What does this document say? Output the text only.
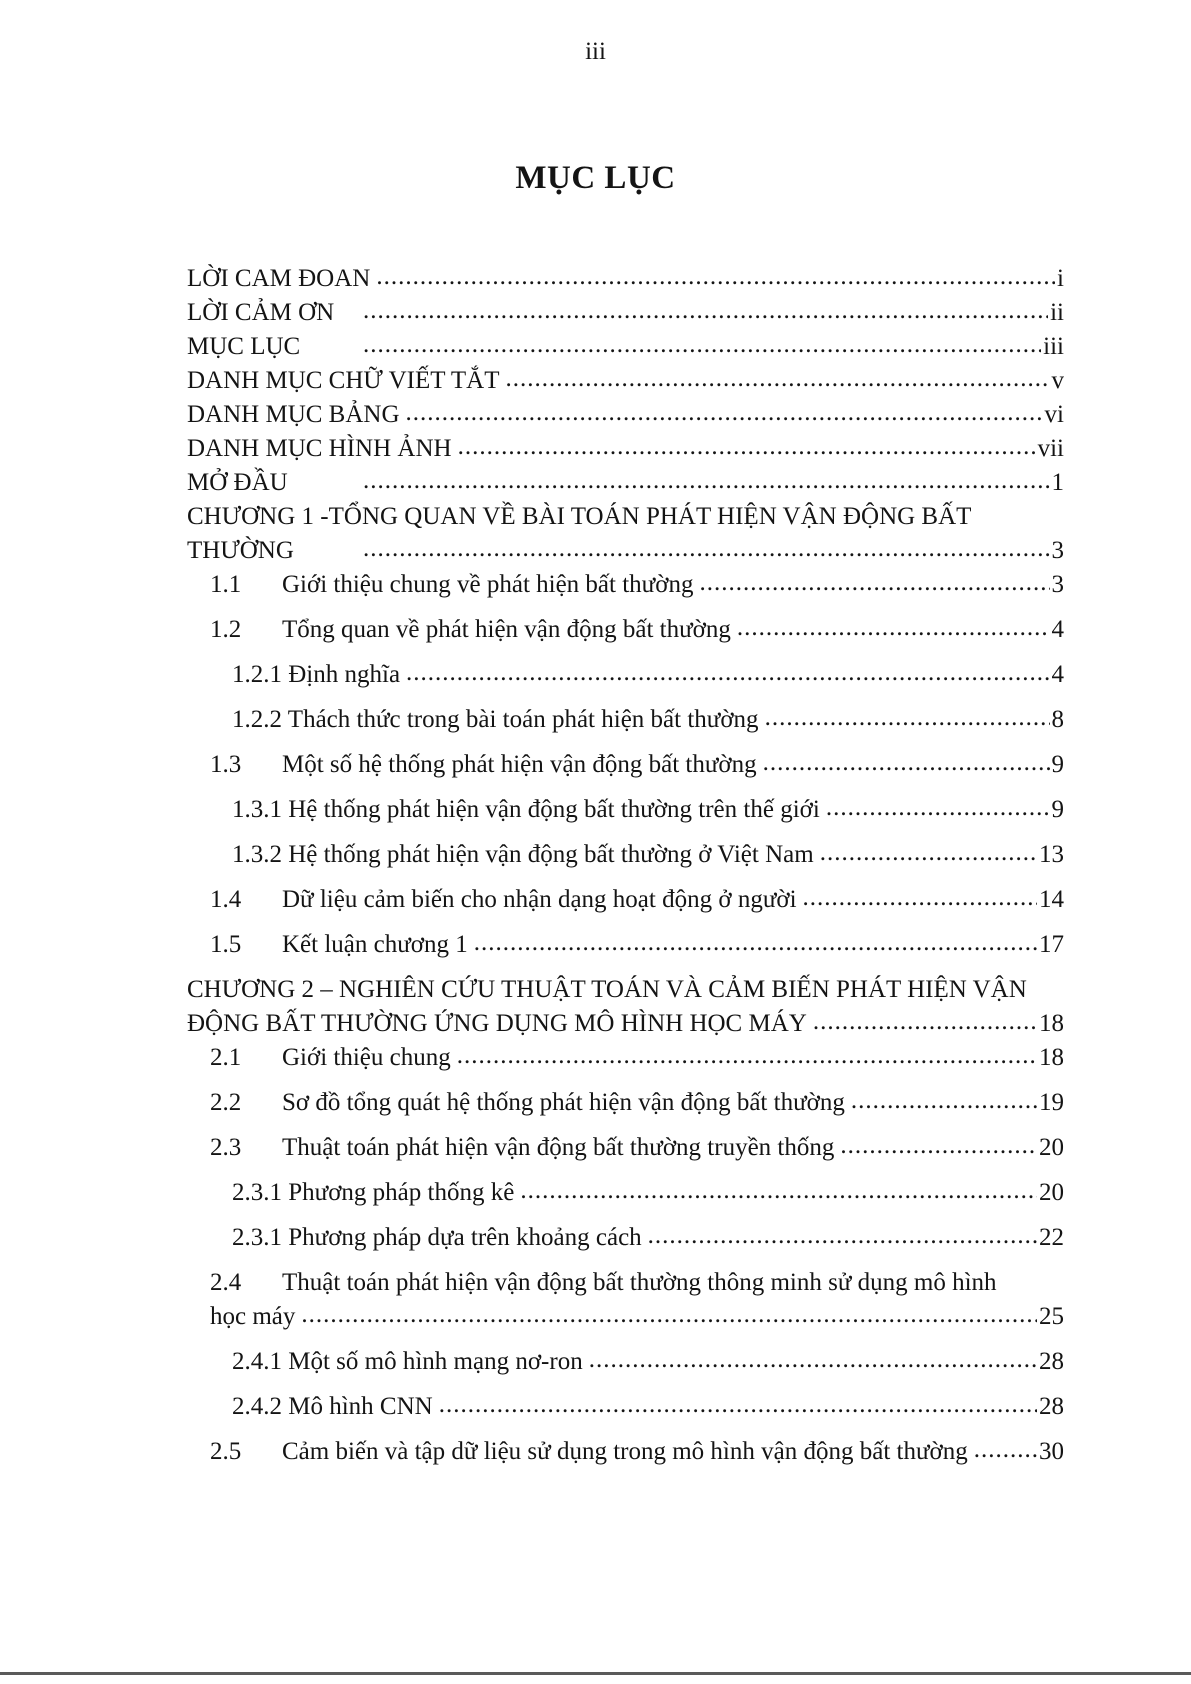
iii
MỤC LỤC
LỜI CAM ĐOAN .....	i
LỜI CẢM ƠN .....	ii
MỤC LỤC .....	iii
DANH MỤC CHỮ VIẾT TẮT .....	v
DANH MỤC BẢNG .....	vi
DANH MỤC HÌNH ẢNH .....	vii
MỞ ĐẦU .....	1
CHƯƠNG 1 -TỔNG QUAN VỀ BÀI TOÁN PHÁT HIỆN VẬN ĐỘNG BẤT
THƯỜNG .....	3
1.1	Giới thiệu chung về phát hiện bất thường .....	3
1.2	Tổng quan về phát hiện vận động bất thường .....	4
1.2.1 Định nghĩa .....	4
1.2.2 Thách thức trong bài toán phát hiện bất thường .....	8
1.3	Một số hệ thống phát hiện vận động bất thường .....	9
1.3.1 Hệ thống phát hiện vận động bất thường trên thế giới .....	9
1.3.2 Hệ thống phát hiện vận động bất thường ở Việt Nam .....	13
1.4	Dữ liệu cảm biến cho nhận dạng hoạt động ở người .....	14
1.5	Kết luận chương 1 .....	17
CHƯƠNG 2 – NGHIÊN CỨU THUẬT TOÁN VÀ CẢM BIẾN PHÁT HIỆN VẬN
ĐỘNG BẤT THƯỜNG ỨNG DỤNG MÔ HÌNH HỌC MÁY .....	18
2.1	Giới thiệu chung .....	18
2.2	Sơ đồ tổng quát hệ thống phát hiện vận động bất thường .....	19
2.3	Thuật toán phát hiện vận động bất thường truyền thống .....	20
2.3.1 Phương pháp thống kê .....	20
2.3.1 Phương pháp dựa trên khoảng cách .....	22
2.4 Thuật toán phát hiện vận động bất thường thông minh sử dụng mô hình
học máy .....	25
2.4.1 Một số mô hình mạng nơ-ron .....	28
2.4.2 Mô hình CNN .....	28
2.5	Cảm biến và tập dữ liệu sử dụng trong mô hình vận động bất thường .....	30
